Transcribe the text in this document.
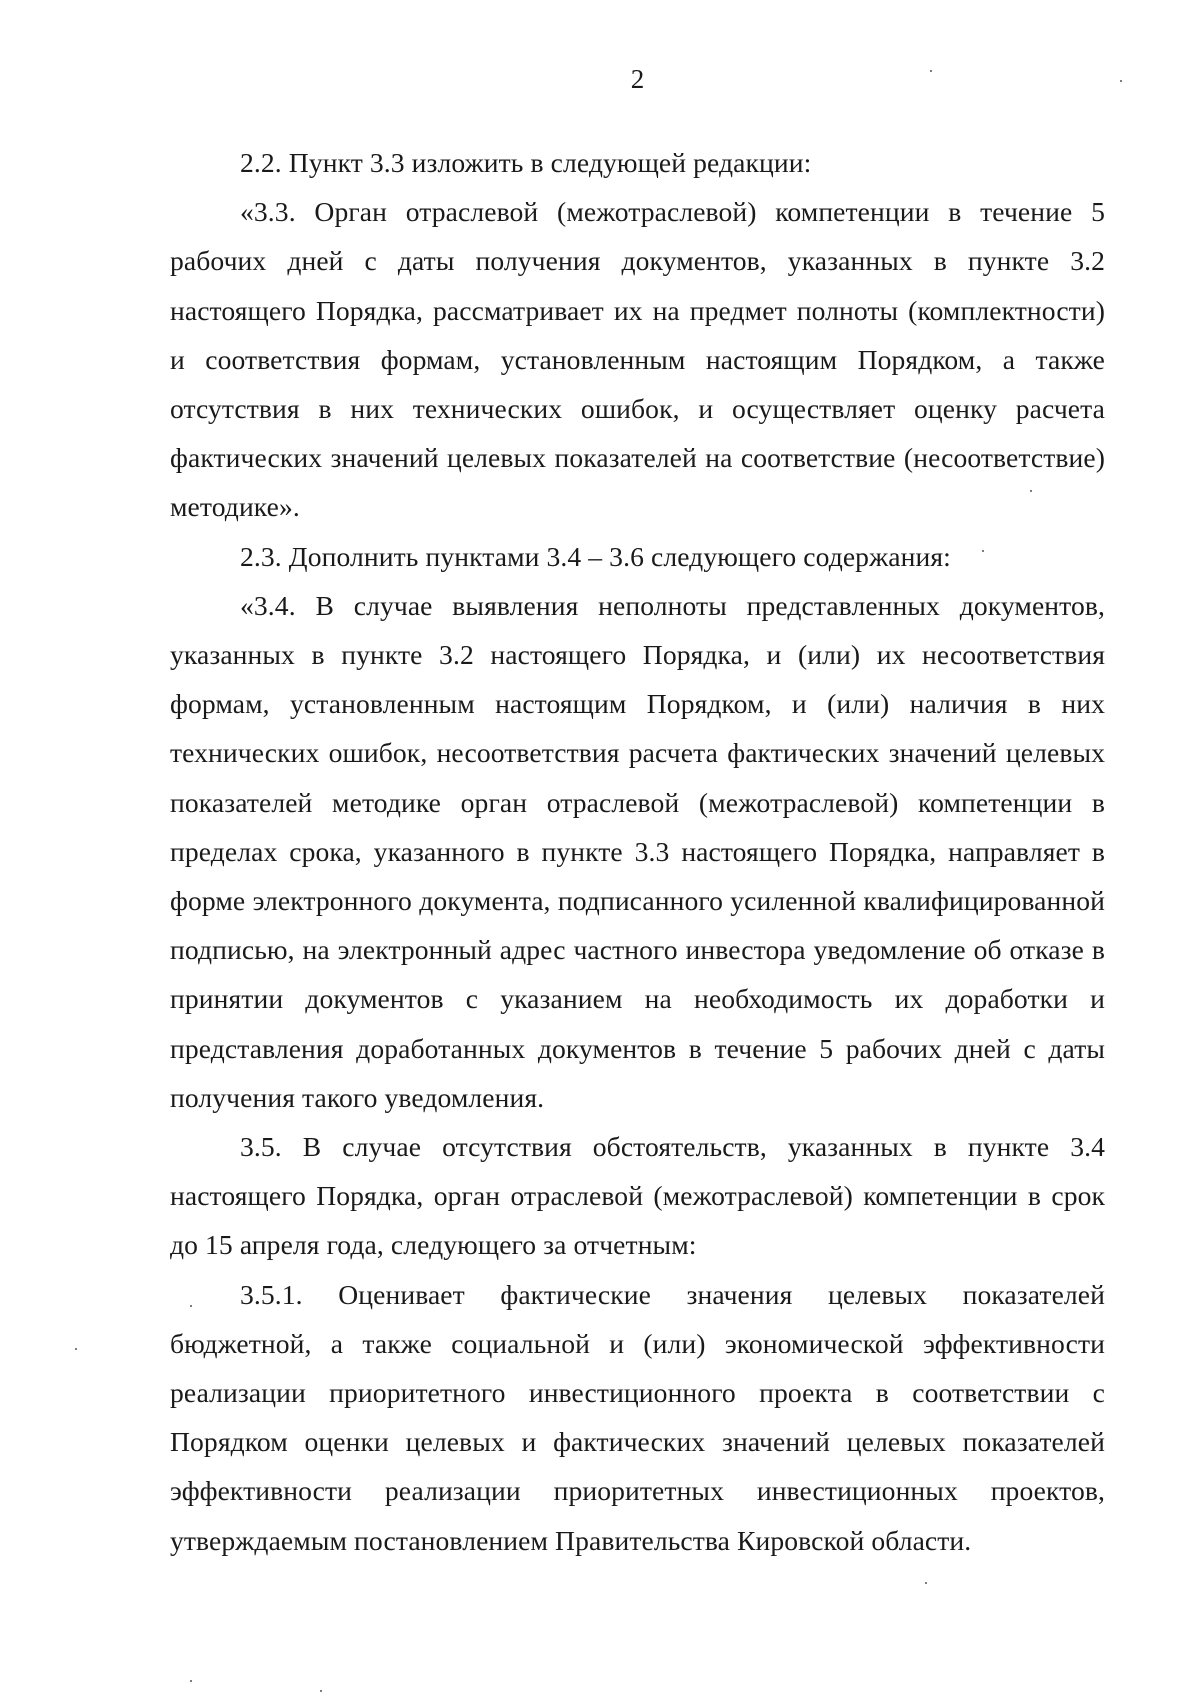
2

2.2. Пункт 3.3 изложить в следующей редакции:

«3.3. Орган отраслевой (межотраслевой) компетенции в течение 5 рабочих дней с даты получения документов, указанных в пункте 3.2 настоящего Порядка, рассматривает их на предмет полноты (комплектности) и соответствия формам, установленным настоящим Порядком, а также отсутствия в них технических ошибок, и осуществляет оценку расчета фактических значений целевых показателей на соответствие (несоответствие) методике».

2.3. Дополнить пунктами 3.4 – 3.6 следующего содержания:

«3.4. В случае выявления неполноты представленных документов, указанных в пункте 3.2 настоящего Порядка, и (или) их несоответствия формам, установленным настоящим Порядком, и (или) наличия в них технических ошибок, несоответствия расчета фактических значений целевых показателей методике орган отраслевой (межотраслевой) компетенции в пределах срока, указанного в пункте 3.3 настоящего Порядка, направляет в форме электронного документа, подписанного усиленной квалифицированной подписью, на электронный адрес частного инвестора уведомление об отказе в принятии документов с указанием на необходимость их доработки и представления доработанных документов в течение 5 рабочих дней с даты получения такого уведомления.

3.5. В случае отсутствия обстоятельств, указанных в пункте 3.4 настоящего Порядка, орган отраслевой (межотраслевой) компетенции в срок до 15 апреля года, следующего за отчетным:

3.5.1. Оценивает фактические значения целевых показателей бюджетной, а также социальной и (или) экономической эффективности реализации приоритетного инвестиционного проекта в соответствии с Порядком оценки целевых и фактических значений целевых показателей эффективности реализации приоритетных инвестиционных проектов, утверждаемым постановлением Правительства Кировской области.
